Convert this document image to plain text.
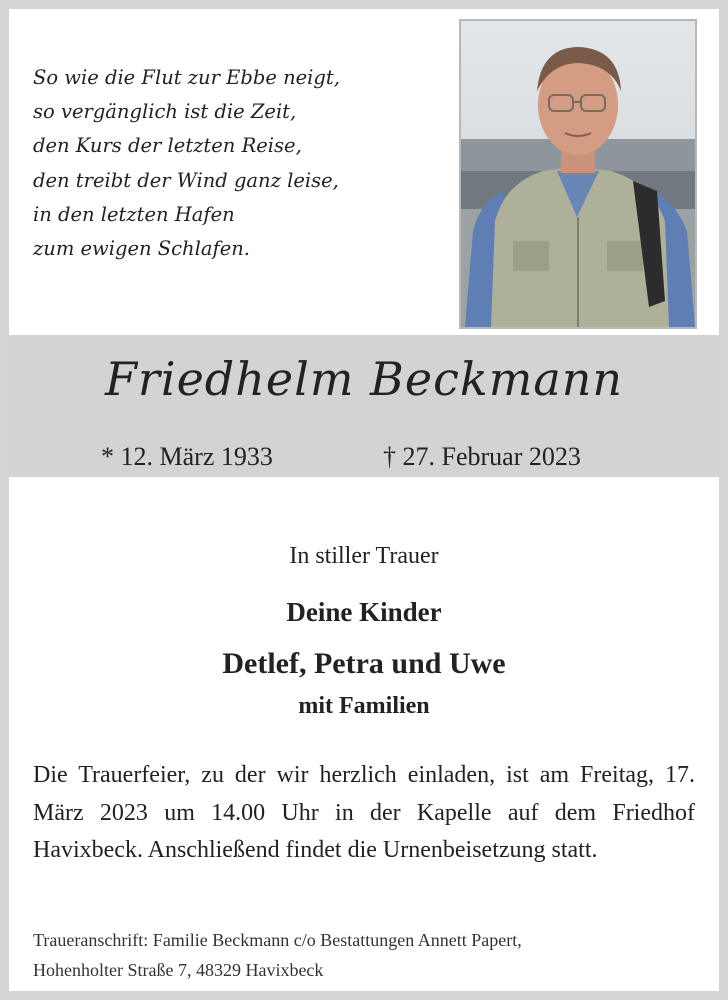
So wie die Flut zur Ebbe neigt,
so vergänglich ist die Zeit,
den Kurs der letzten Reise,
den treibt der Wind ganz leise,
in den letzten Hafen
zum ewigen Schlafen.
Friedhelm Beckmann
* 12. März 1933	† 27. Februar 2023
In stiller Trauer
Deine Kinder
Detlef, Petra und Uwe
mit Familien
Die Trauerfeier, zu der wir herzlich einladen, ist am Freitag, 17. März 2023 um 14.00 Uhr in der Kapelle auf dem Friedhof Havixbeck. Anschließend findet die Urnenbeisetzung statt.
Traueranschrift: Familie Beckmann c/o Bestattungen Annett Papert,
Hohenholter Straße 7, 48329 Havixbeck
